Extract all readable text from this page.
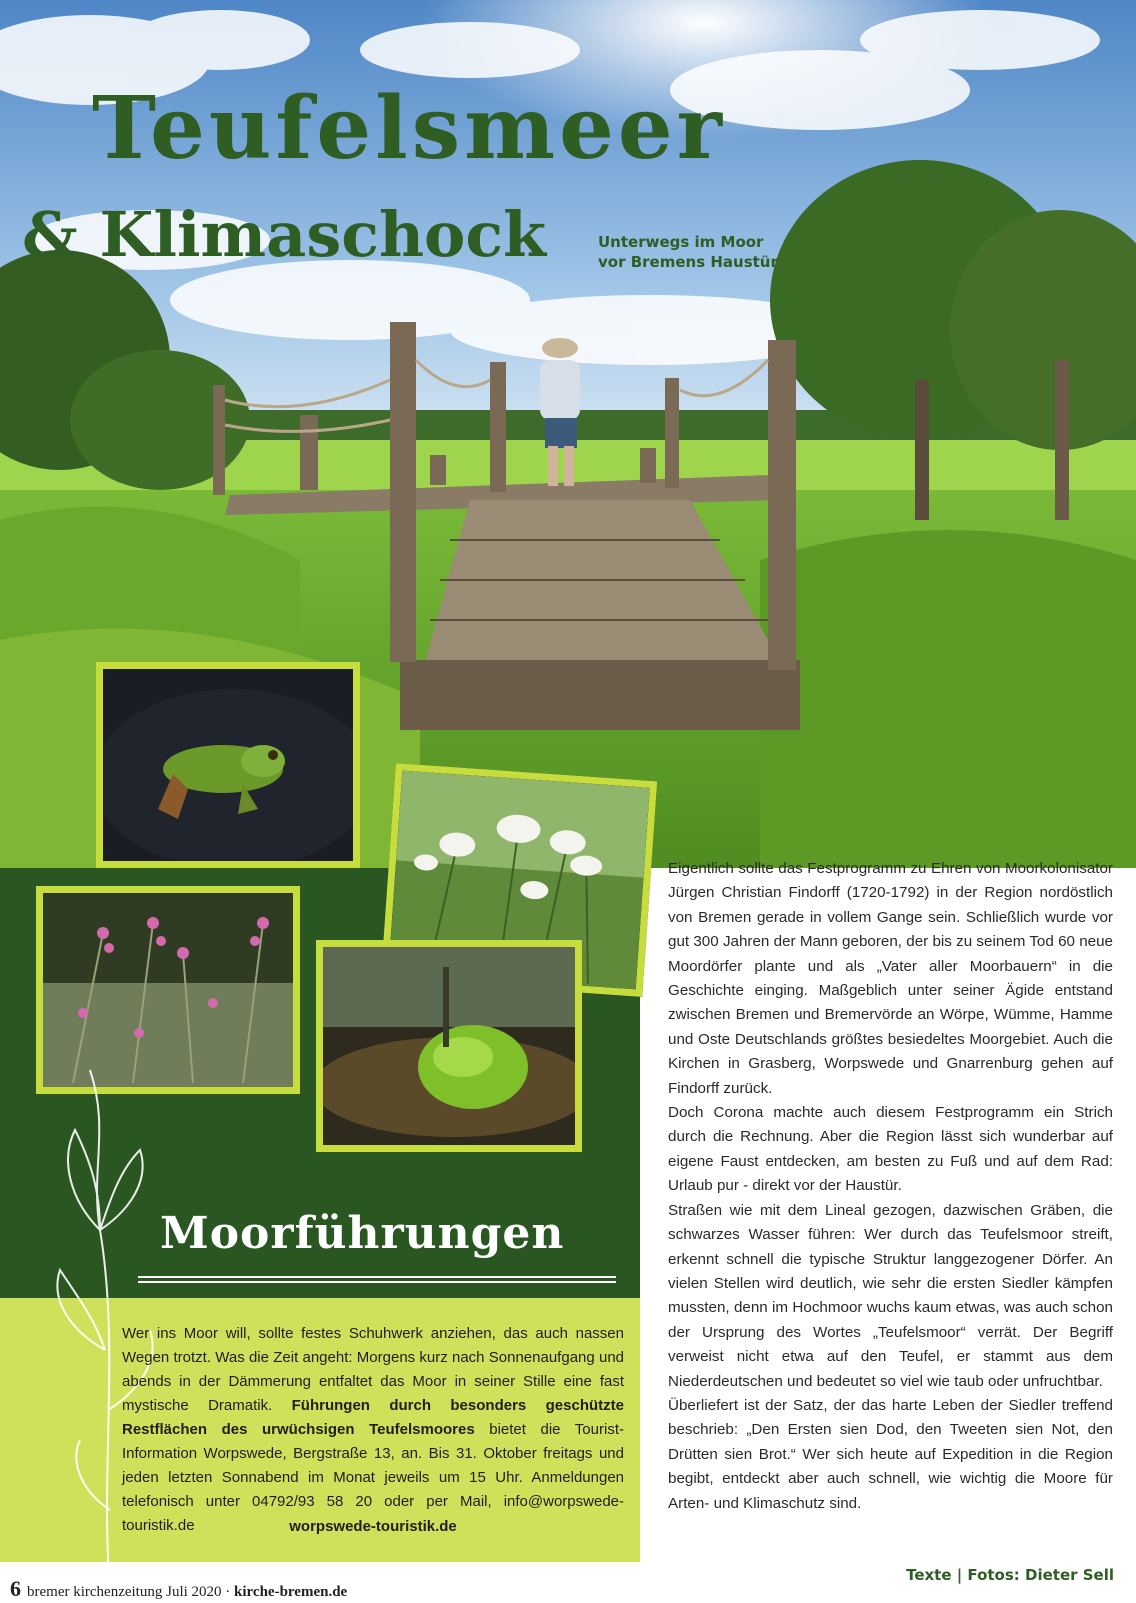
Teufelsmeer
& Klimaschock	Unterwegs im Moor
vor Bremens Haustür
Moorführungen

Wer ins Moor will, sollte festes Schuhwerk anziehen, das auch nassen Wegen trotzt. Was die Zeit angeht: Morgens kurz nach Sonnenaufgang und abends in der Dämmerung entfaltet das Moor in seiner Stille eine fast mystische Dramatik. Führungen durch besonders geschützte Restflächen des urwüchsigen Teufelsmoores bietet die Tourist-Information Worpswede, Bergstraße 13, an. Bis 31. Oktober freitags und jeden letzten Sonnabend im Monat jeweils um 15 Uhr. Anmeldungen telefonisch unter 04792/93 58 20 oder per Mail, info@worpswede-touristik.de	worpswede-touristik.de

Eigentlich sollte das Festprogramm zu Ehren von Moorkolonisator Jürgen Christian Findorff (1720-1792) in der Region nordöstlich von Bremen gerade in vollem Gange sein. Schließlich wurde vor gut 300 Jahren der Mann geboren, der bis zu seinem Tod 60 neue Moordörfer plante und als „Vater aller Moorbauern“ in die Geschichte einging. Maßgeblich unter seiner Ägide entstand zwischen Bremen und Bremervörde an Wörpe, Wümme, Hamme und Oste Deutschlands größtes besiedeltes Moorgebiet. Auch die Kirchen in Grasberg, Worpswede und Gnarrenburg gehen auf Findorff zurück.

Doch Corona machte auch diesem Festprogramm ein Strich durch die Rechnung. Aber die Region lässt sich wunderbar auf eigene Faust entdecken, am besten zu Fuß und auf dem Rad: Urlaub pur - direkt vor der Haustür.

Straßen wie mit dem Lineal gezogen, dazwischen Gräben, die schwarzes Wasser führen: Wer durch das Teufelsmoor streift, erkennt schnell die typische Struktur langgezogener Dörfer. An vielen Stellen wird deutlich, wie sehr die ersten Siedler kämpfen mussten, denn im Hochmoor wuchs kaum etwas, was auch schon der Ursprung des Wortes „Teufelsmoor“ verrät. Der Begriff verweist nicht etwa auf den Teufel, er stammt aus dem Niederdeutschen und bedeutet so viel wie taub oder unfruchtbar.

Überliefert ist der Satz, der das harte Leben der Siedler treffend beschrieb: „Den Ersten sien Dod, den Tweeten sien Not, den Drütten sien Brot.“ Wer sich heute auf Expedition in die Region begibt, entdeckt aber auch schnell, wie wichtig die Moore für Arten- und Klimaschutz sind.

Texte | Fotos: Dieter Sell
6 bremer kirchenzeitung Juli 2020 · kirche-bremen.de
